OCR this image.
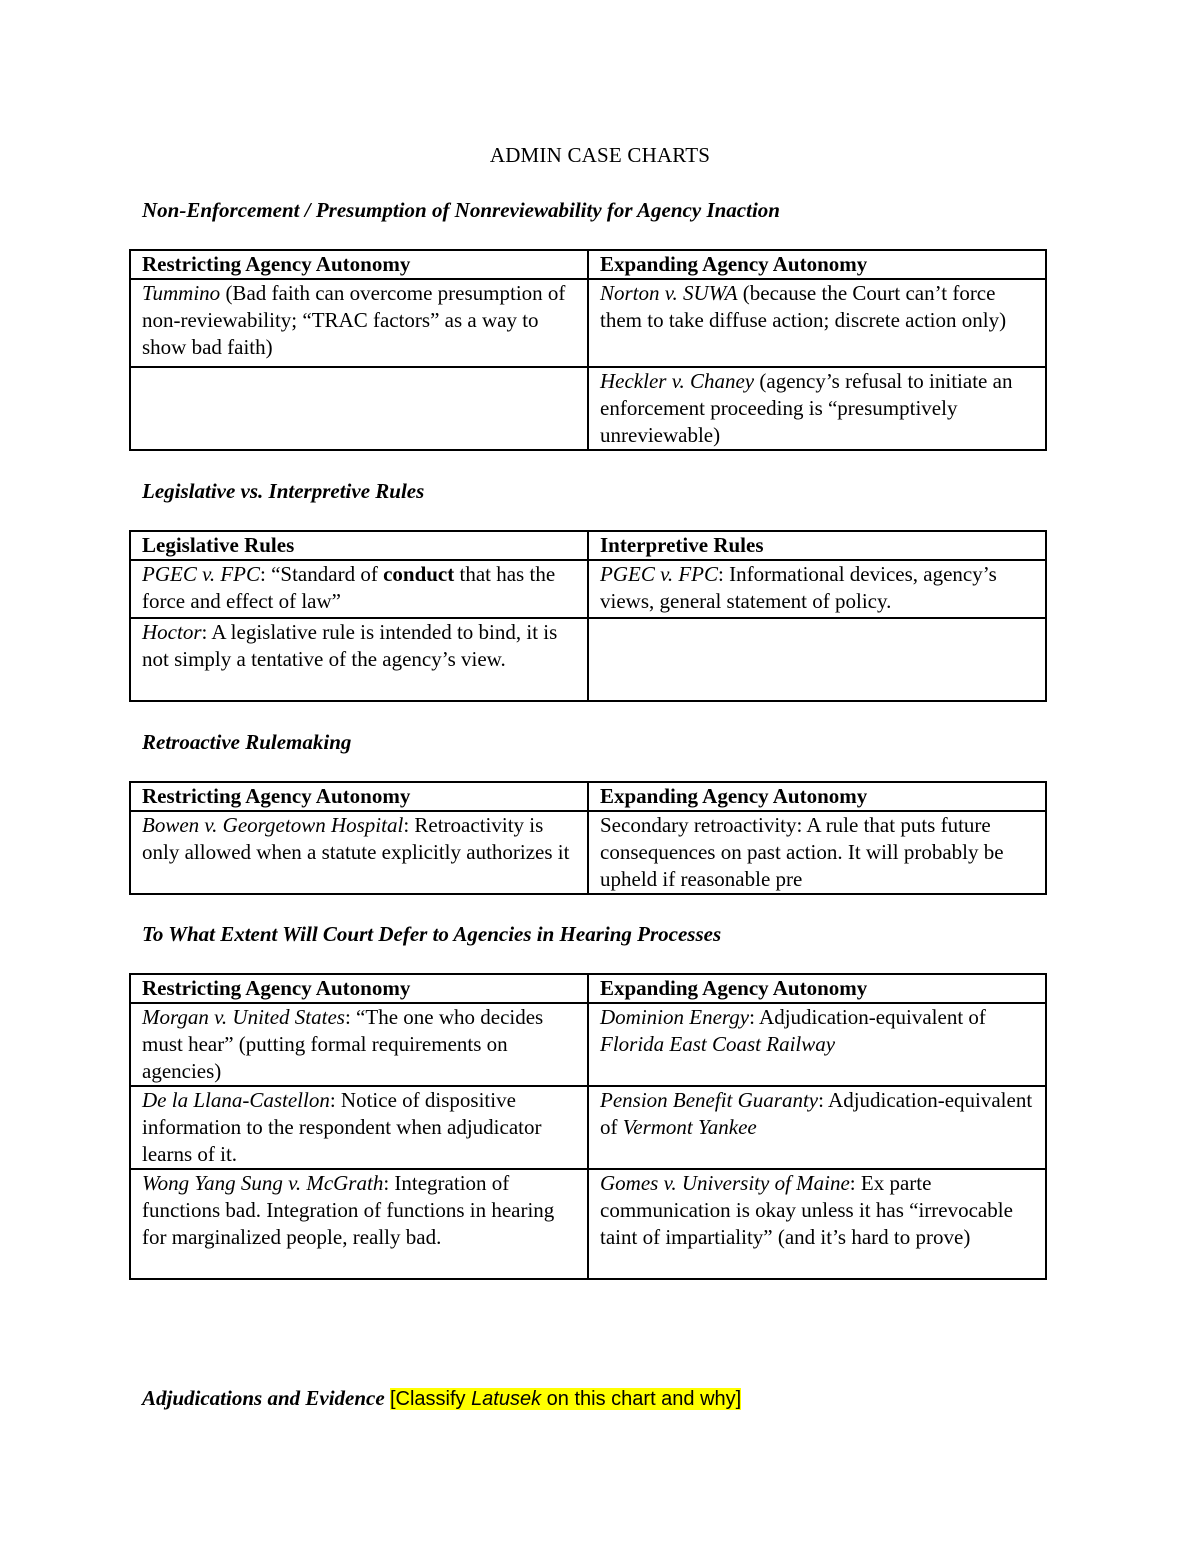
ADMIN CASE CHARTS
Non-Enforcement / Presumption of Nonreviewability for Agency Inaction
Restricting Agency Autonomy	Expanding Agency Autonomy
Tummino (Bad faith can overcome presumption of non-reviewability; “TRAC factors” as a way to show bad faith)	Norton v. SUWA (because the Court can’t force them to take diffuse action; discrete action only)
	Heckler v. Chaney (agency’s refusal to initiate an enforcement proceeding is “presumptively unreviewable)
Legislative vs. Interpretive Rules
Legislative Rules	Interpretive Rules
PGEC v. FPC: “Standard of conduct that has the force and effect of law”	PGEC v. FPC: Informational devices, agency’s views, general statement of policy.
Hoctor: A legislative rule is intended to bind, it is not simply a tentative of the agency’s view.	
Retroactive Rulemaking
Restricting Agency Autonomy	Expanding Agency Autonomy
Bowen v. Georgetown Hospital: Retroactivity is only allowed when a statute explicitly authorizes it	Secondary retroactivity: A rule that puts future consequences on past action. It will probably be upheld if reasonable pre
To What Extent Will Court Defer to Agencies in Hearing Processes
Restricting Agency Autonomy	Expanding Agency Autonomy
Morgan v. United States: “The one who decides must hear” (putting formal requirements on agencies)	Dominion Energy: Adjudication-equivalent of Florida East Coast Railway
De la Llana-Castellon: Notice of dispositive information to the respondent when adjudicator learns of it.	Pension Benefit Guaranty: Adjudication-equivalent of Vermont Yankee
Wong Yang Sung v. McGrath: Integration of functions bad. Integration of functions in hearing for marginalized people, really bad.	Gomes v. University of Maine: Ex parte communication is okay unless it has “irrevocable taint of impartiality” (and it’s hard to prove)
Adjudications and Evidence [Classify Latusek on this chart and why]
